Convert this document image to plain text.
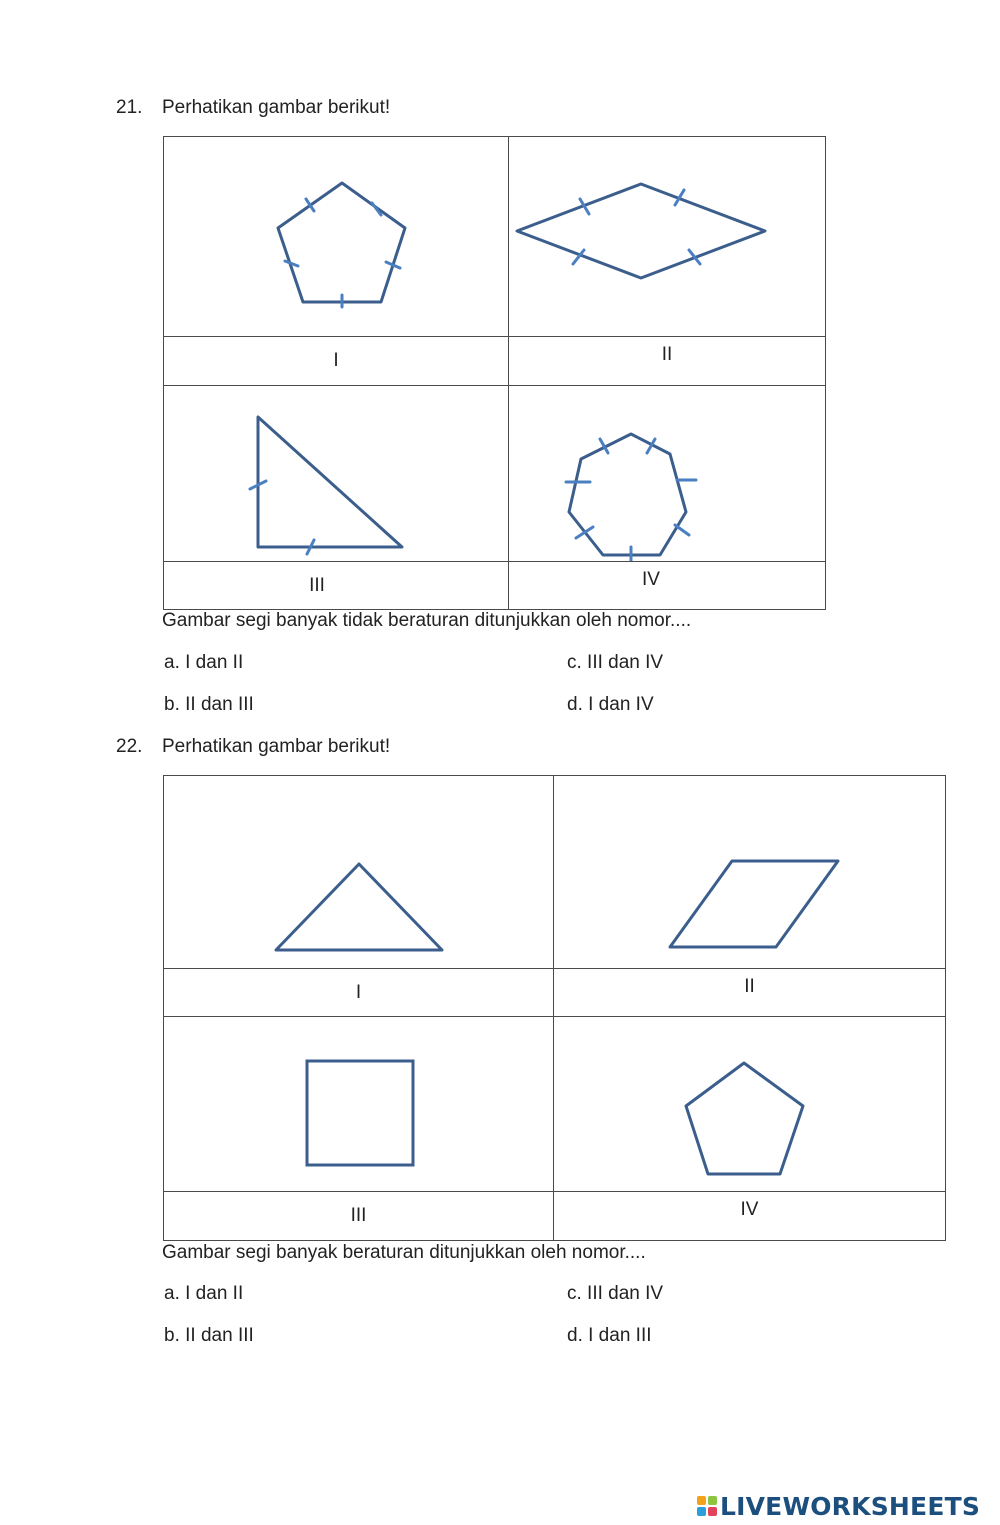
21. Perhatikan gambar berikut!

I	II

III	IV
Gambar segi banyak tidak beraturan ditunjukkan oleh nomor....
a. I dan II
b. II dan III
c. III dan IV
d. I dan IV
22. Perhatikan gambar berikut!

I	II

III	IV
Gambar segi banyak beraturan ditunjukkan oleh nomor....
a. I dan II
b. II dan III
c. III dan IV
d. I dan III
LIVEWORKSHEETS
